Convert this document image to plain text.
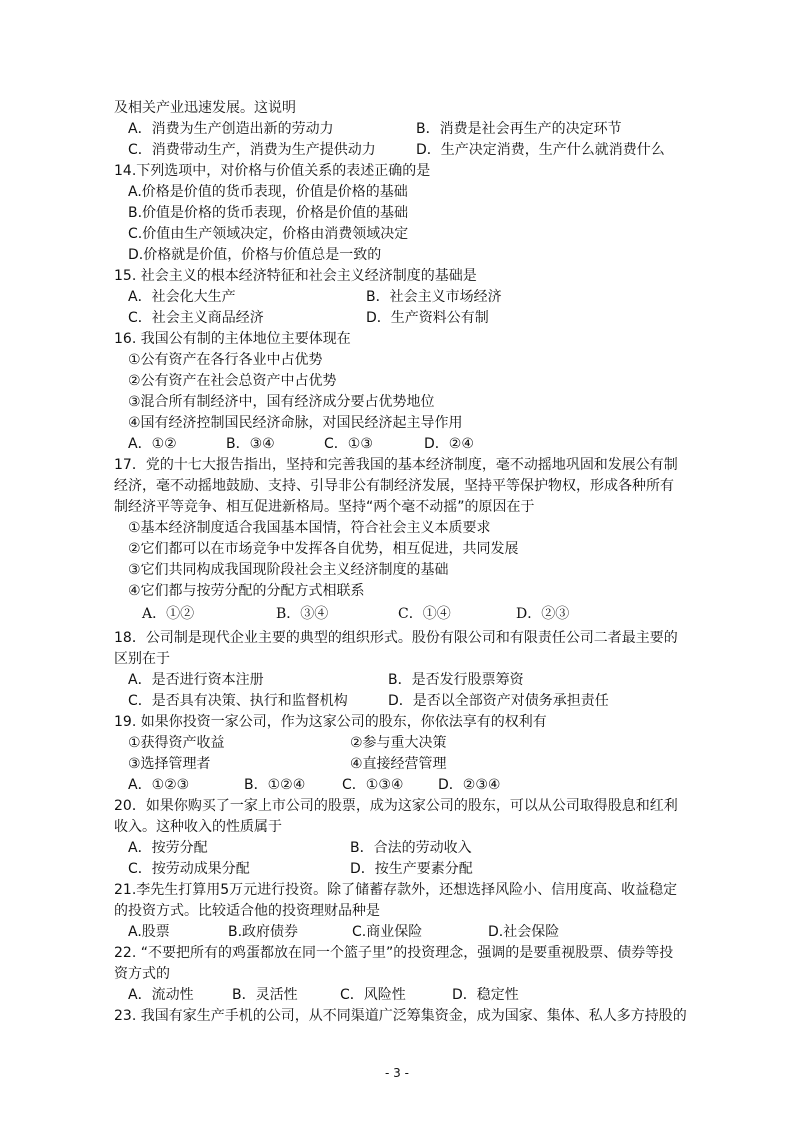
及相关产业迅速发展。这说明
A．消费为生产创造出新的劳动力	B．消费是社会再生产的决定环节
C．消费带动生产，消费为生产提供动力	D．生产决定消费，生产什么就消费什么
14.下列选项中，对价格与价值关系的表述正确的是
A.价格是价值的货币表现，价值是价格的基础
B.价值是价格的货币表现，价格是价值的基础
C.价值由生产领域决定，价格由消费领域决定
D.价格就是价值，价格与价值总是一致的
15. 社会主义的根本经济特征和社会主义经济制度的基础是
A．社会化大生产	B．社会主义市场经济
C．社会主义商品经济	D．生产资料公有制
16. 我国公有制的主体地位主要体现在
①公有资产在各行各业中占优势
②公有资产在社会总资产中占优势
③混合所有制经济中，国有经济成分要占优势地位
④国有经济控制国民经济命脉，对国民经济起主导作用
A．①②	B．③④	C．①③	D．②④
17．党的十七大报告指出，坚持和完善我国的基本经济制度，毫不动摇地巩固和发展公有制
经济，毫不动摇地鼓励、支持、引导非公有制经济发展，坚持平等保护物权，形成各种所有
制经济平等竞争、相互促进新格局。坚持“两个毫不动摇”的原因在于
①基本经济制度适合我国基本国情，符合社会主义本质要求
②它们都可以在市场竞争中发挥各自优势，相互促进，共同发展
③它们共同构成我国现阶段社会主义经济制度的基础
④它们都与按劳分配的分配方式相联系
A．①②	B．③④	C．①④	D．②③
18．公司制是现代企业主要的典型的组织形式。股份有限公司和有限责任公司二者最主要的
区别在于
A．是否进行资本注册	B．是否发行股票筹资
C．是否具有决策、执行和监督机构	D．是否以全部资产对债务承担责任
19. 如果你投资一家公司，作为这家公司的股东，你依法享有的权利有
①获得资产收益	②参与重大决策
③选择管理者	④直接经营管理
A．①②③	B．①②④	C．①③④ D．②③④
20．如果你购买了一家上市公司的股票，成为这家公司的股东，可以从公司取得股息和红利
收入。这种收入的性质属于
A．按劳分配	B．合法的劳动收入
C．按劳动成果分配	D．按生产要素分配
21.李先生打算用5万元进行投资。除了储蓄存款外，还想选择风险小、信用度高、收益稳定
的投资方式。比较适合他的投资理财品种是
A.股票	B.政府债券	C.商业保险	D.社会保险
22. “不要把所有的鸡蛋都放在同一个篮子里”的投资理念，强调的是要重视股票、债券等投
资方式的
A．流动性	B．灵活性	C．风险性	D．稳定性
23. 我国有家生产手机的公司，从不同渠道广泛筹集资金，成为国家、集体、私人多方持股的
- 3 -
